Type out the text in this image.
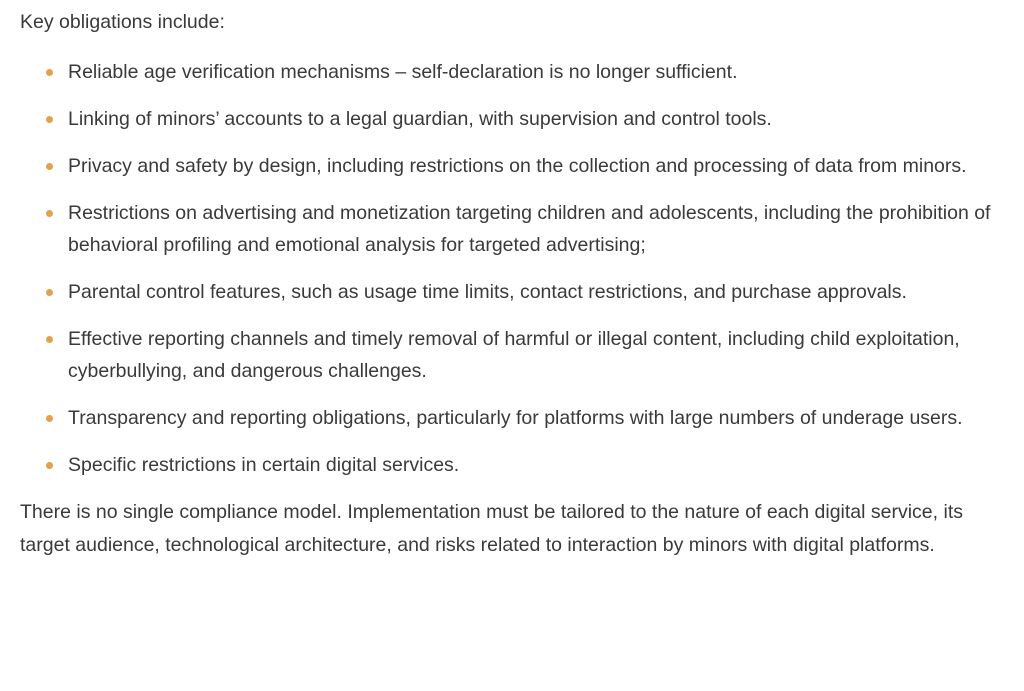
Key obligations include:

Reliable age verification mechanisms – self-declaration is no longer sufficient.
Linking of minors’ accounts to a legal guardian, with supervision and control tools.
Privacy and safety by design, including restrictions on the collection and processing of data from minors.
Restrictions on advertising and monetization targeting children and adolescents, including the prohibition of behavioral profiling and emotional analysis for targeted advertising;
Parental control features, such as usage time limits, contact restrictions, and purchase approvals.
Effective reporting channels and timely removal of harmful or illegal content, including child exploitation, cyberbullying, and dangerous challenges.
Transparency and reporting obligations, particularly for platforms with large numbers of underage users.
Specific restrictions in certain digital services.

There is no single compliance model. Implementation must be tailored to the nature of each digital service, its target audience, technological architecture, and risks related to interaction by minors with digital platforms.
